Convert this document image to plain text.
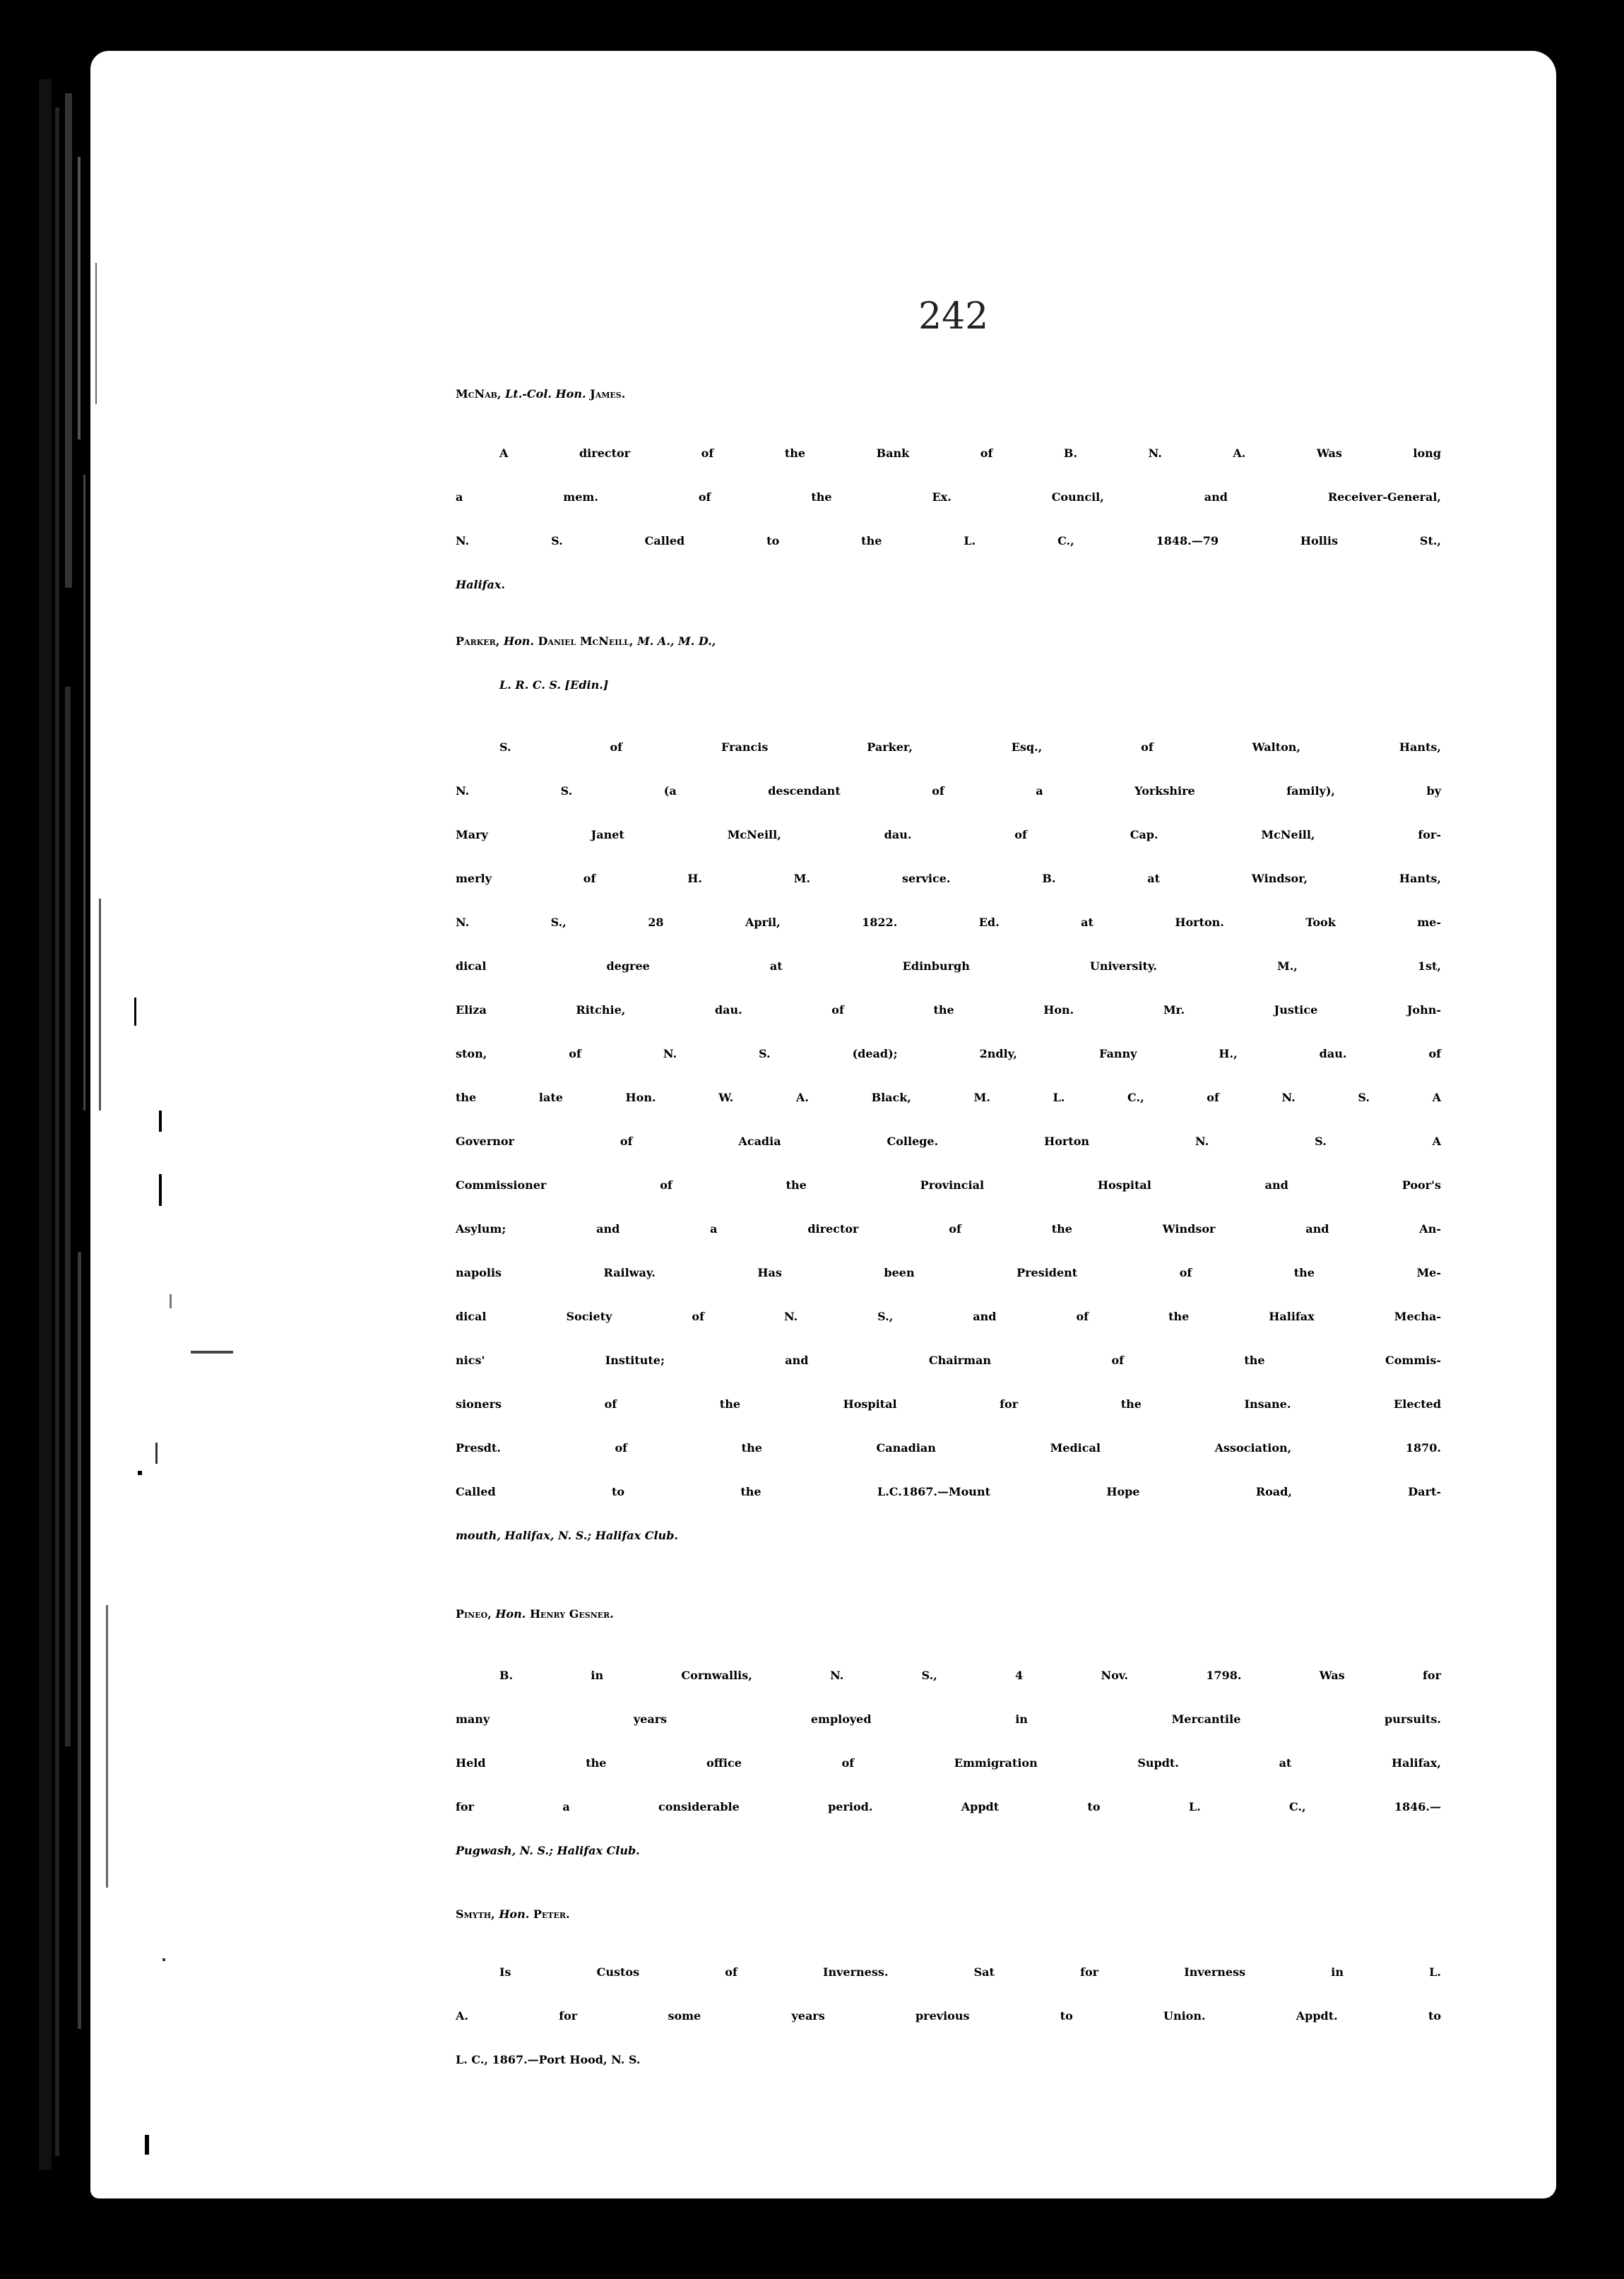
242
McNab, Lt.-Col. Hon. James.
A director of the Bank of B. N. A. Was long
a mem. of the Ex. Council, and Receiver-General,
N. S. Called to the L. C., 1848.—79 Hollis St.,
Halifax.
Parker, Hon. Daniel McNeill, M. A., M. D.,
L. R. C. S. [Edin.]
S. of Francis Parker, Esq., of Walton, Hants,
N. S. (a descendant of a Yorkshire family), by
Mary Janet McNeill, dau. of Cap. McNeill, for-
merly of H. M. service. B. at Windsor, Hants,
N. S., 28 April, 1822. Ed. at Horton. Took me-
dical degree at Edinburgh University. M., 1st,
Eliza Ritchie, dau. of the Hon. Mr. Justice John-
ston, of N. S. (dead); 2ndly, Fanny H., dau. of
the late Hon. W. A. Black, M. L. C., of N. S. A
Governor of Acadia College. Horton N. S. A
Commissioner of the Provincial Hospital and Poor's
Asylum; and a director of the Windsor and An-
napolis Railway. Has been President of the Me-
dical Society of N. S., and of the Halifax Mecha-
nics' Institute; and Chairman of the Commis-
sioners of the Hospital for the Insane. Elected
Presdt. of the Canadian Medical Association, 1870.
Called to the L.C.1867.—Mount Hope Road, Dart-
mouth, Halifax, N. S.; Halifax Club.
Pineo, Hon. Henry Gesner.
B. in Cornwallis, N. S., 4 Nov. 1798. Was for
many years employed in Mercantile pursuits.
Held the office of Emmigration Supdt. at Halifax,
for a considerable period. Appdt to L. C., 1846.—
Pugwash, N. S.; Halifax Club.
Smyth, Hon. Peter.
Is Custos of Inverness. Sat for Inverness in L.
A. for some years previous to Union. Appdt. to
L. C., 1867.—Port Hood, N. S.
